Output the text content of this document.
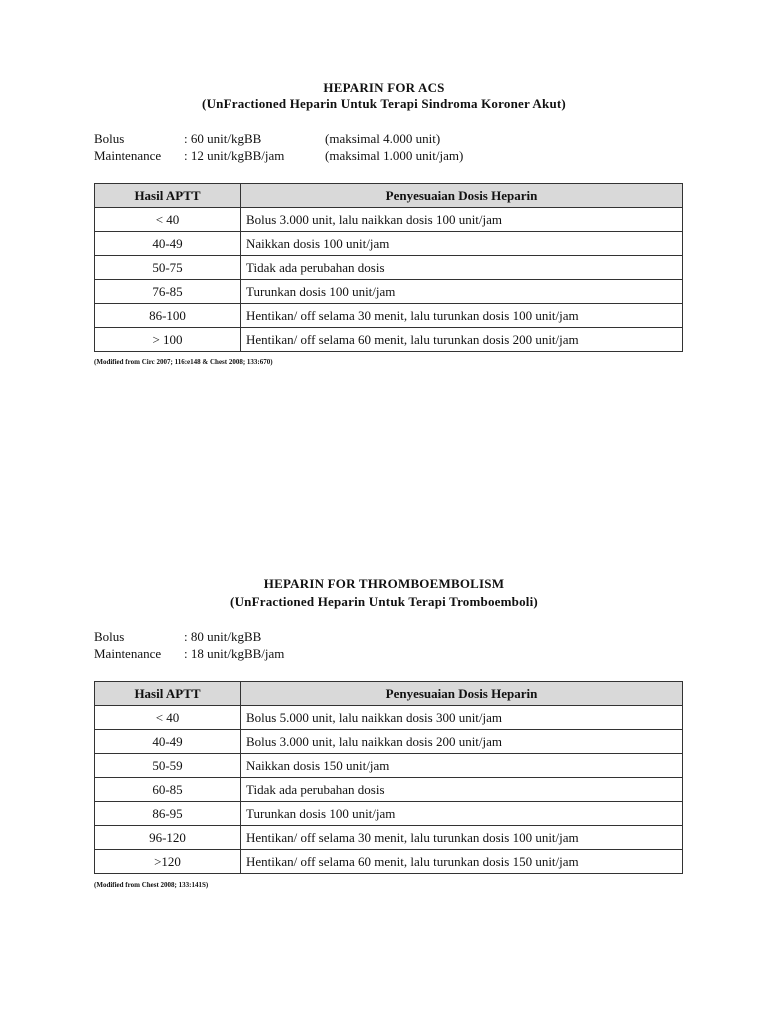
HEPARIN FOR ACS
(UnFractioned Heparin Untuk Terapi Sindroma Koroner Akut)
Bolus	: 60 unit/kgBB	(maksimal 4.000 unit)
Maintenance : 12 unit/kgBB/jam	(maksimal 1.000 unit/jam)
Hasil APTT	Penyesuaian Dosis Heparin
< 40	Bolus 3.000 unit, lalu naikkan dosis 100 unit/jam
40-49	Naikkan dosis 100 unit/jam
50-75	Tidak ada perubahan dosis
76-85	Turunkan dosis 100 unit/jam
86-100	Hentikan/ off selama 30 menit, lalu turunkan dosis 100 unit/jam
> 100	Hentikan/ off selama 60 menit, lalu turunkan dosis 200 unit/jam
(Modified from Circ 2007; 116:e148 & Chest 2008; 133:670)
HEPARIN FOR THROMBOEMBOLISM
(UnFractioned Heparin Untuk Terapi Tromboemboli)
Bolus	: 80 unit/kgBB
Maintenance : 18 unit/kgBB/jam
Hasil APTT	Penyesuaian Dosis Heparin
< 40	Bolus 5.000 unit, lalu naikkan dosis 300 unit/jam
40-49	Bolus 3.000 unit, lalu naikkan dosis 200 unit/jam
50-59	Naikkan dosis 150 unit/jam
60-85	Tidak ada perubahan dosis
86-95	Turunkan dosis 100 unit/jam
96-120	Hentikan/ off selama 30 menit, lalu turunkan dosis 100 unit/jam
>120	Hentikan/ off selama 60 menit, lalu turunkan dosis 150 unit/jam
(Modified from Chest 2008; 133:141S)
